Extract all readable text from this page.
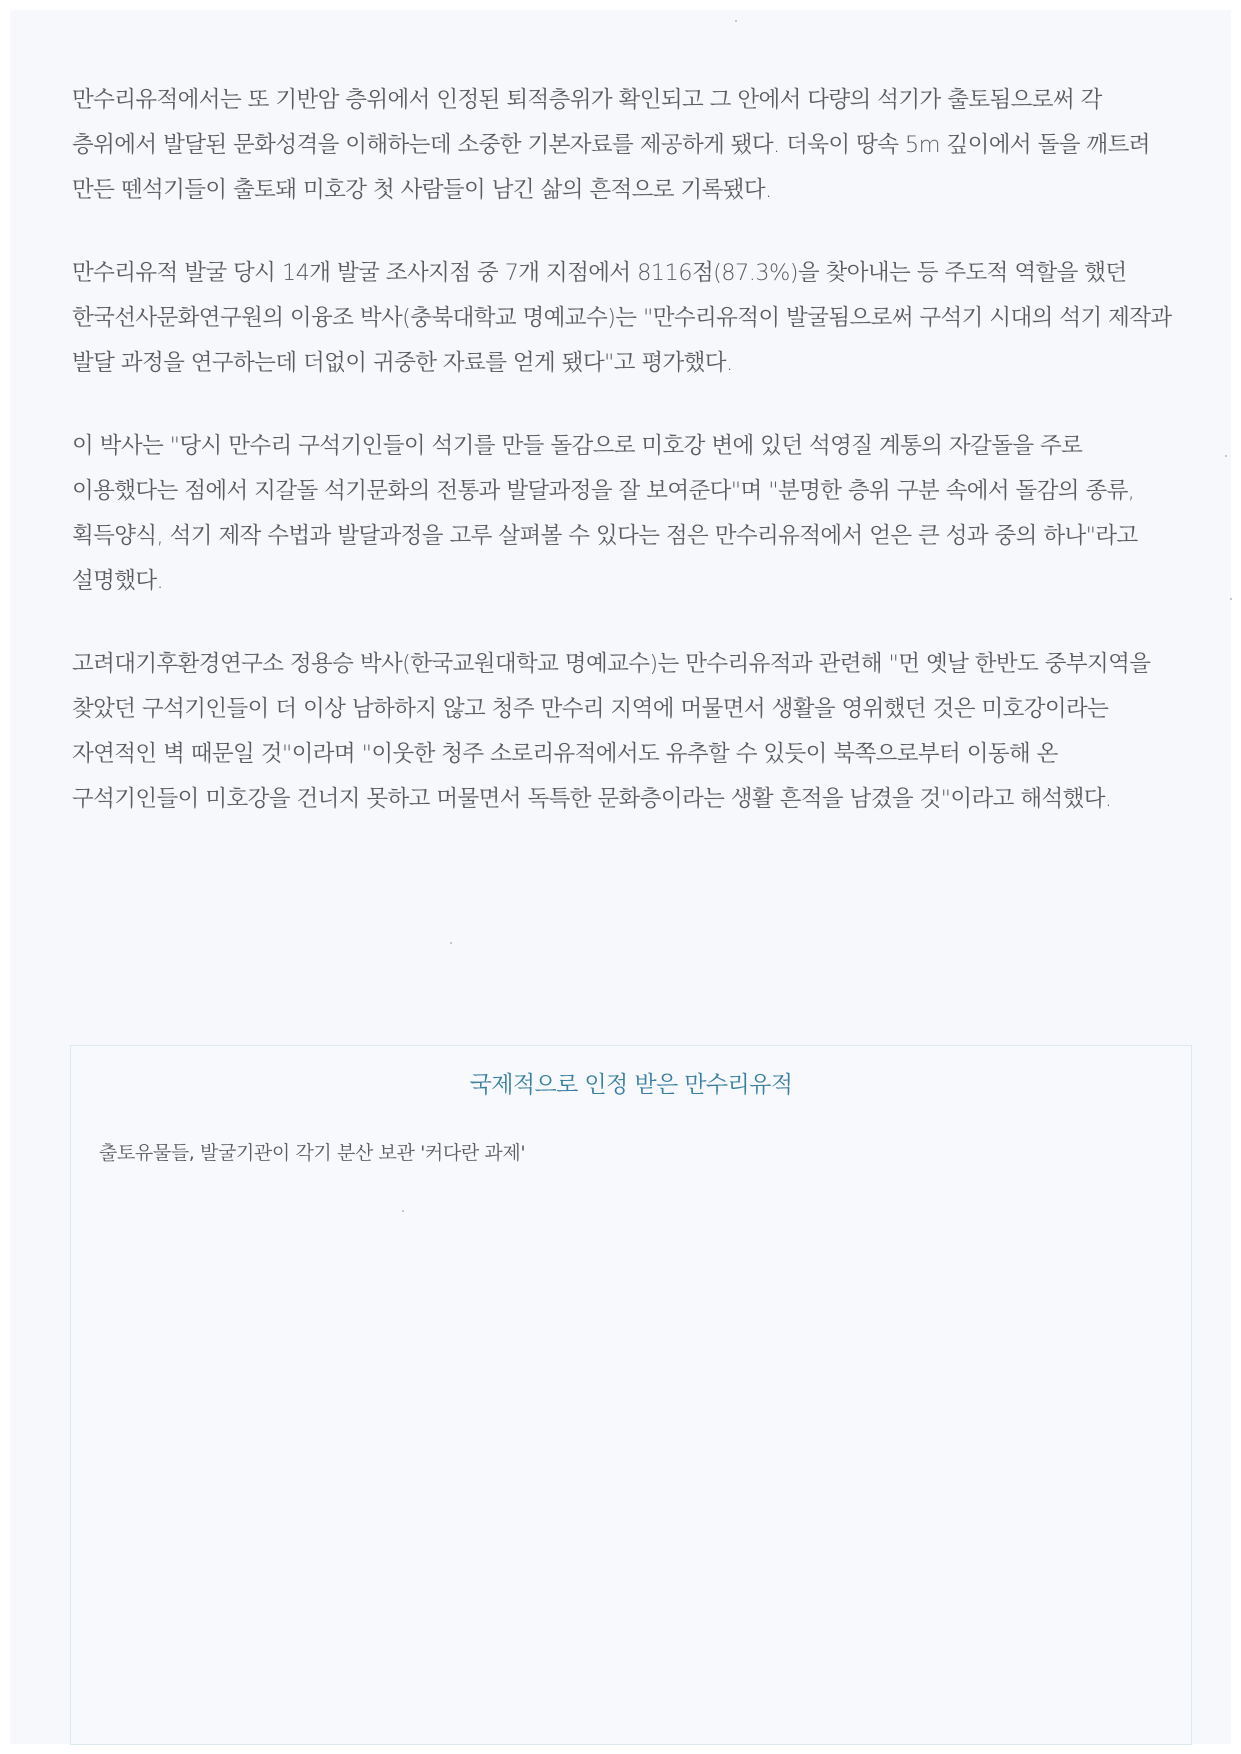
만수리유적에서는 또 기반암 층위에서 인정된 퇴적층위가 확인되고 그 안에서 다량의 석기가 출토됨으로써 각 층위에서 발달된 문화성격을 이해하는데 소중한 기본자료를 제공하게 됐다. 더욱이 땅속 5m 깊이에서 돌을 깨트려 만든 뗀석기들이 출토돼 미호강 첫 사람들이 남긴 삶의 흔적으로 기록됐다.

만수리유적 발굴 당시 14개 발굴 조사지점 중 7개 지점에서 8116점(87.3%)을 찾아내는 등 주도적 역할을 했던 한국선사문화연구원의 이융조 박사(충북대학교 명예교수)는 "만수리유적이 발굴됨으로써 구석기 시대의 석기 제작과 발달 과정을 연구하는데 더없이 귀중한 자료를 얻게 됐다"고 평가했다.

이 박사는 "당시 만수리 구석기인들이 석기를 만들 돌감으로 미호강 변에 있던 석영질 계통의 자갈돌을 주로 이용했다는 점에서 지갈돌 석기문화의 전통과 발달과정을 잘 보여준다"며 "분명한 층위 구분 속에서 돌감의 종류, 획득양식, 석기 제작 수법과 발달과정을 고루 살펴볼 수 있다는 점은 만수리유적에서 얻은 큰 성과 중의 하나"라고 설명했다.

고려대기후환경연구소 정용승 박사(한국교원대학교 명예교수)는 만수리유적과 관련해 "먼 옛날 한반도 중부지역을 찾았던 구석기인들이 더 이상 남하하지 않고 청주 만수리 지역에 머물면서 생활을 영위했던 것은 미호강이라는 자연적인 벽 때문일 것"이라며 "이웃한 청주 소로리유적에서도 유추할 수 있듯이 북쪽으로부터 이동해 온 구석기인들이 미호강을 건너지 못하고 머물면서 독특한 문화층이라는 생활 흔적을 남겼을 것"이라고 해석했다.

국제적으로 인정 받은 만수리유적
출토유물들, 발굴기관이 각기 분산 보관 '커다란 과제'
